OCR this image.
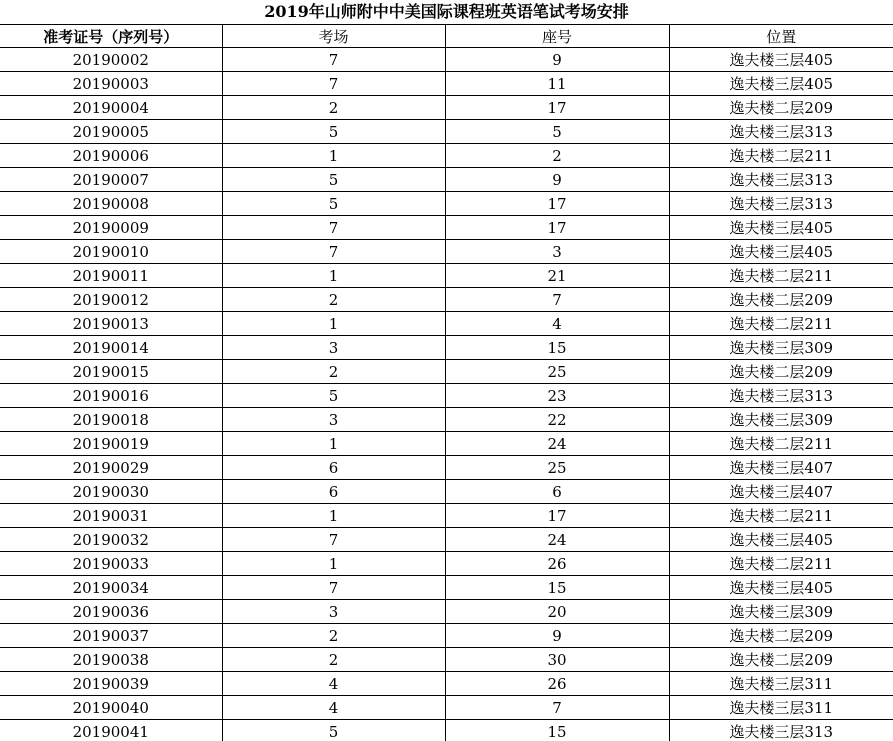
2019年山师附中中美国际课程班英语笔试考场安排
准考证号（序列号）	考场	座号	位置
20190002	7	9	逸夫楼三层405
20190003	7	11	逸夫楼三层405
20190004	2	17	逸夫楼二层209
20190005	5	5	逸夫楼三层313
20190006	1	2	逸夫楼二层211
20190007	5	9	逸夫楼三层313
20190008	5	17	逸夫楼三层313
20190009	7	17	逸夫楼三层405
20190010	7	3	逸夫楼三层405
20190011	1	21	逸夫楼二层211
20190012	2	7	逸夫楼二层209
20190013	1	4	逸夫楼二层211
20190014	3	15	逸夫楼三层309
20190015	2	25	逸夫楼二层209
20190016	5	23	逸夫楼三层313
20190018	3	22	逸夫楼三层309
20190019	1	24	逸夫楼二层211
20190029	6	25	逸夫楼三层407
20190030	6	6	逸夫楼三层407
20190031	1	17	逸夫楼二层211
20190032	7	24	逸夫楼三层405
20190033	1	26	逸夫楼二层211
20190034	7	15	逸夫楼三层405
20190036	3	20	逸夫楼三层309
20190037	2	9	逸夫楼二层209
20190038	2	30	逸夫楼二层209
20190039	4	26	逸夫楼三层311
20190040	4	7	逸夫楼三层311
20190041	5	15	逸夫楼三层313
